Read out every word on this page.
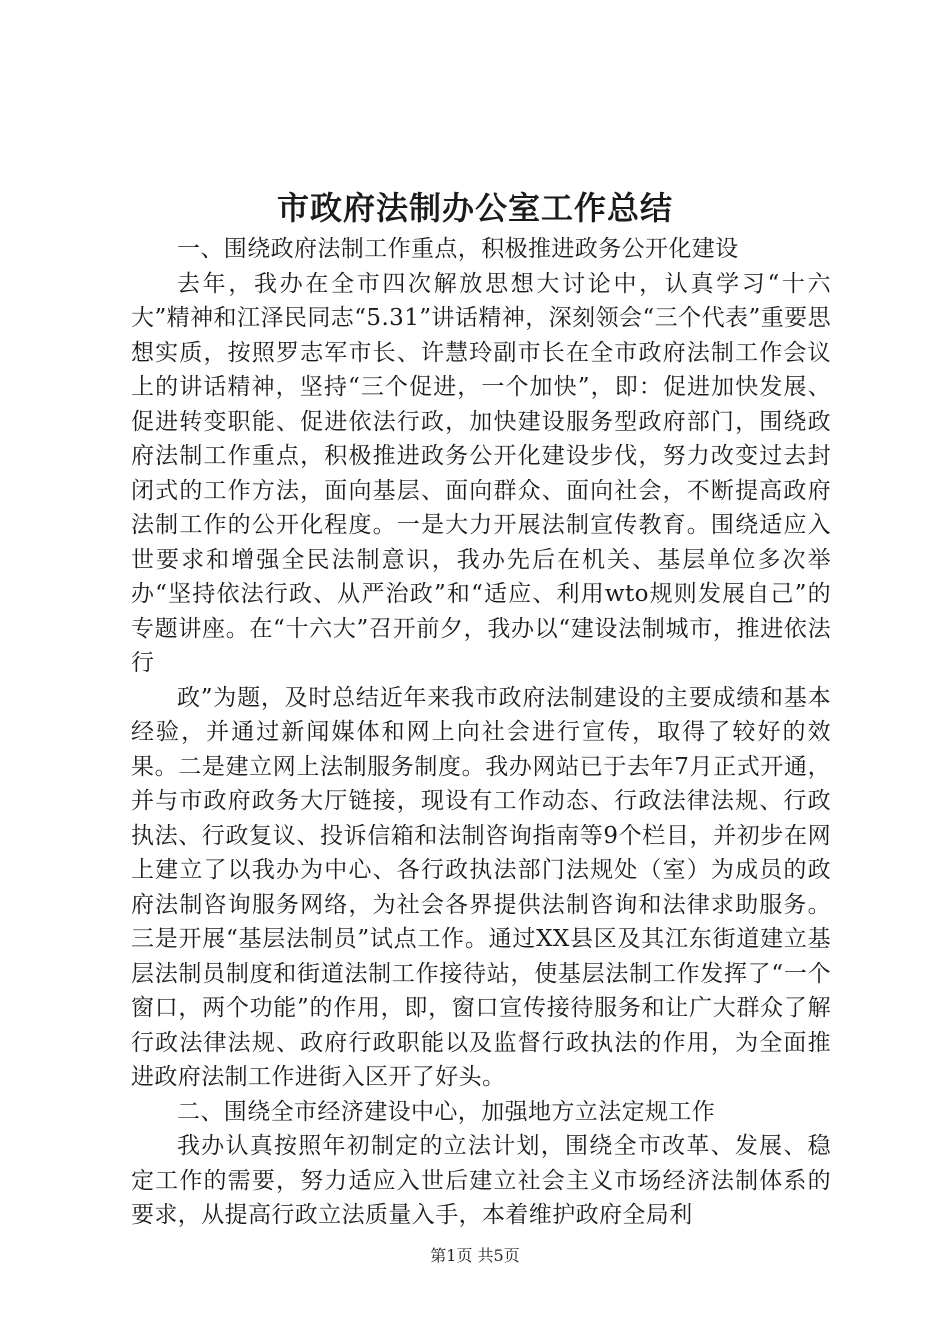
市政府法制办公室工作总结

一、围绕政府法制工作重点，积极推进政务公开化建设

去年，我办在全市四次解放思想大讨论中，认真学习“十六大”精神和江泽民同志“5.31”讲话精神，深刻领会“三个代表”重要思想实质，按照罗志军市长、许慧玲副市长在全市政府法制工作会议上的讲话精神，坚持“三个促进，一个加快”，即：促进加快发展、促进转变职能、促进依法行政，加快建设服务型政府部门，围绕政府法制工作重点，积极推进政务公开化建设步伐，努力改变过去封闭式的工作方法，面向基层、面向群众、面向社会，不断提高政府法制工作的公开化程度。一是大力开展法制宣传教育。围绕适应入世要求和增强全民法制意识，我办先后在机关、基层单位多次举办“坚持依法行政、从严治政”和“适应、利用wto规则发展自己”的专题讲座。在“十六大”召开前夕，我办以“建设法制城市，推进依法行

政”为题，及时总结近年来我市政府法制建设的主要成绩和基本经验，并通过新闻媒体和网上向社会进行宣传，取得了较好的效果。二是建立网上法制服务制度。我办网站已于去年7月正式开通，并与市政府政务大厅链接，现设有工作动态、行政法律法规、行政执法、行政复议、投诉信箱和法制咨询指南等9个栏目，并初步在网上建立了以我办为中心、各行政执法部门法规处（室）为成员的政府法制咨询服务网络，为社会各界提供法制咨询和法律求助服务。三是开展“基层法制员”试点工作。通过XX县区及其江东街道建立基层法制员制度和街道法制工作接待站，使基层法制工作发挥了“一个窗口，两个功能”的作用，即，窗口宣传接待服务和让广大群众了解行政法律法规、政府行政职能以及监督行政执法的作用，为全面推进政府法制工作进街入区开了好头。

二、围绕全市经济建设中心，加强地方立法定规工作

我办认真按照年初制定的立法计划，围绕全市改革、发展、稳定工作的需要，努力适应入世后建立社会主义市场经济法制体系的要求，从提高行政立法质量入手，本着维护政府全局利

第1页 共5页
